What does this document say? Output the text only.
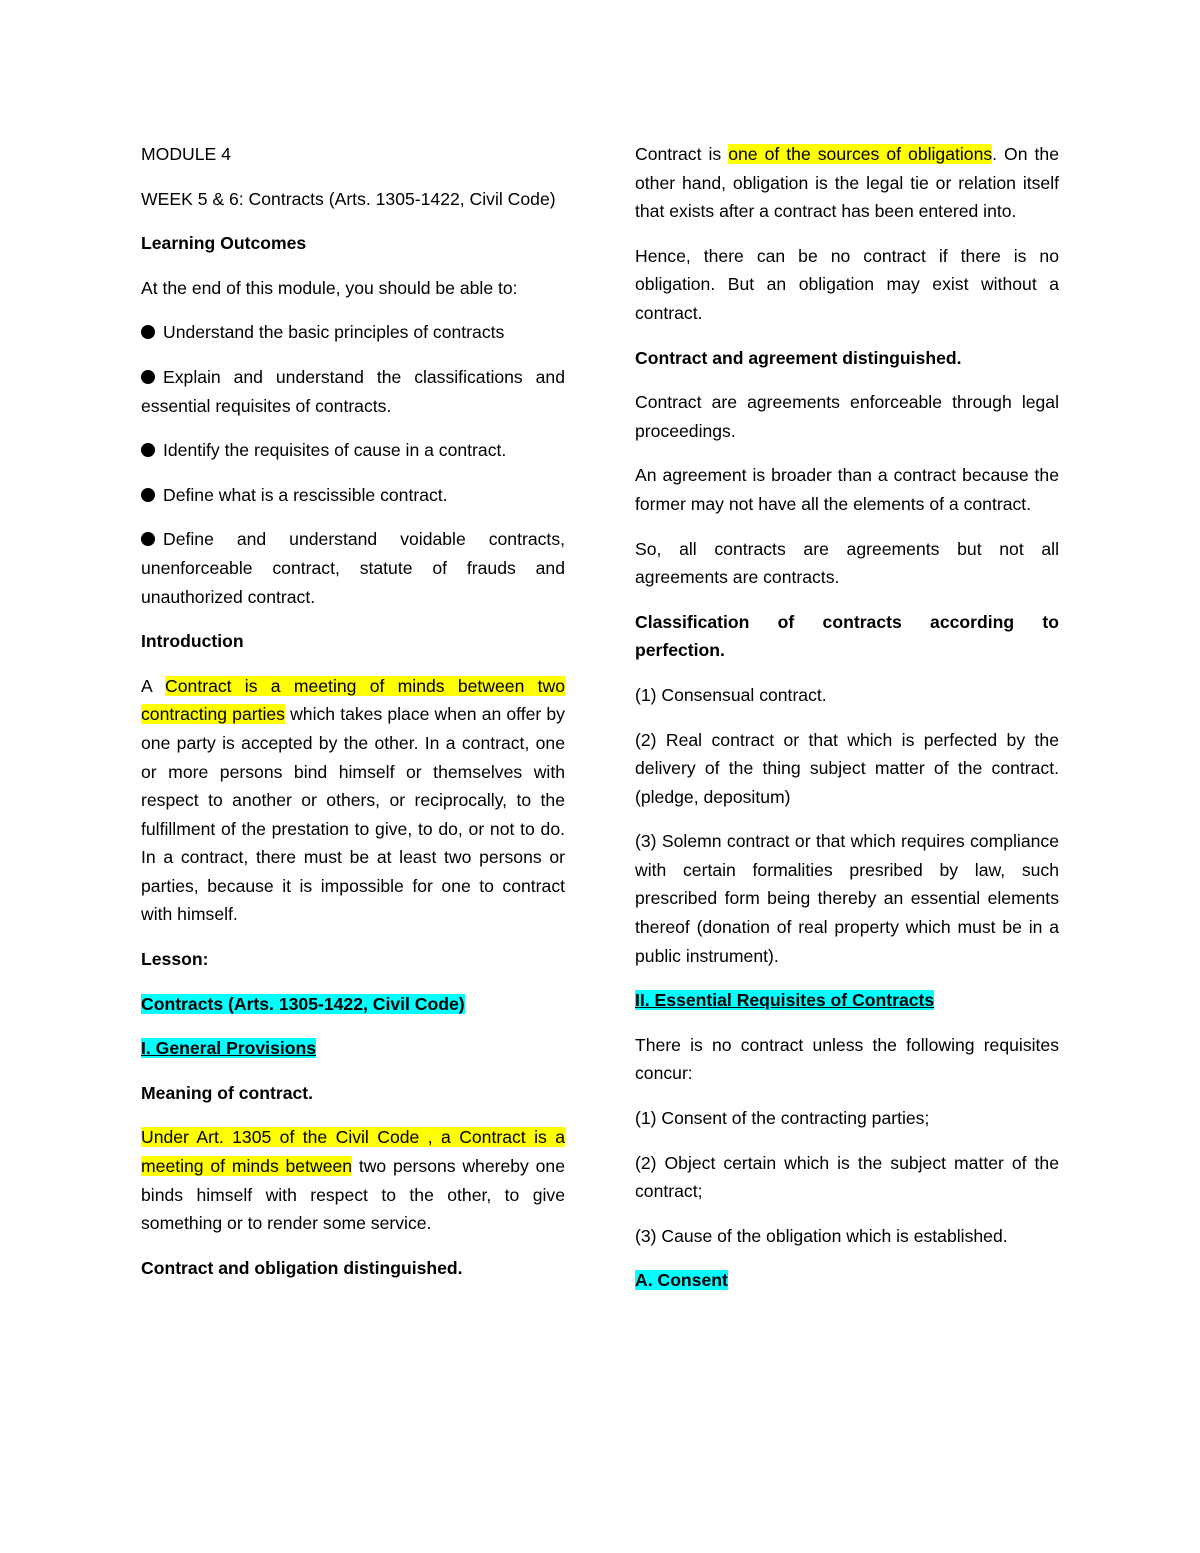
MODULE 4

WEEK 5 & 6: Contracts (Arts. 1305-1422, Civil Code)

Learning Outcomes

At the end of this module, you should be able to:

Understand the basic principles of contracts

Explain and understand the classifications and essential requisites of contracts.

Identify the requisites of cause in a contract.

Define what is a rescissible contract.

Define and understand voidable contracts, unenforceable contract, statute of frauds and unauthorized contract.

Introduction

A Contract is a meeting of minds between two contracting parties which takes place when an offer by one party is accepted by the other. In a contract, one or more persons bind himself or themselves with respect to another or others, or reciprocally, to the fulfillment of the prestation to give, to do, or not to do. In a contract, there must be at least two persons or parties, because it is impossible for one to contract with himself.

Lesson:

Contracts (Arts. 1305-1422, Civil Code)

I. General Provisions

Meaning of contract.

Under Art. 1305 of the Civil Code , a Contract is a meeting of minds between two persons whereby one binds himself with respect to the other, to give something or to render some service.

Contract and obligation distinguished.

Contract is one of the sources of obligations. On the other hand, obligation is the legal tie or relation itself that exists after a contract has been entered into.

Hence, there can be no contract if there is no obligation. But an obligation may exist without a contract.

Contract and agreement distinguished.

Contract are agreements enforceable through legal proceedings.

An agreement is broader than a contract because the former may not have all the elements of a contract.

So, all contracts are agreements but not all agreements are contracts.

Classification of contracts according to perfection.

(1) Consensual contract.

(2) Real contract or that which is perfected by the delivery of the thing subject matter of the contract. (pledge, depositum)

(3) Solemn contract or that which requires compliance with certain formalities presribed by law, such prescribed form being thereby an essential elements thereof (donation of real property which must be in a public instrument).

II. Essential Requisites of Contracts

There is no contract unless the following requisites concur:

(1) Consent of the contracting parties;

(2) Object certain which is the subject matter of the contract;

(3) Cause of the obligation which is established.

A. Consent
